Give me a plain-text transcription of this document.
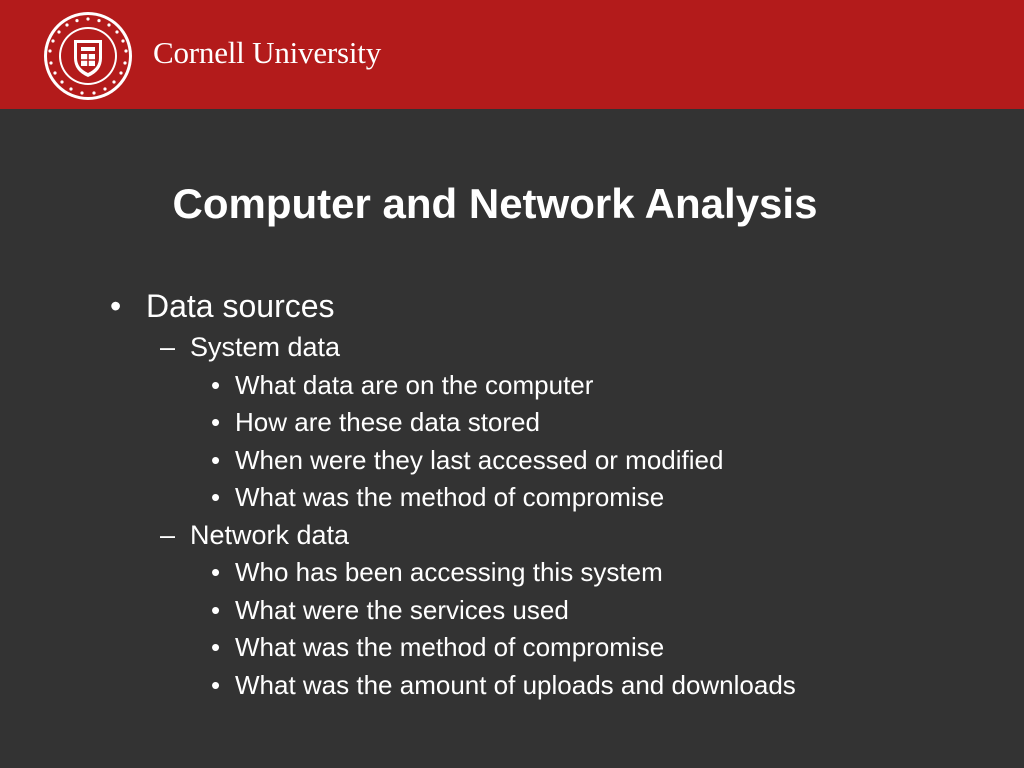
Cornell University
Computer and Network Analysis
• Data sources
– System data
• What data are on the computer
• How are these data stored
• When were they last accessed or modified
• What was the method of compromise
– Network data
• Who has been accessing this system
• What were the services used
• What was the method of compromise
• What was the amount of uploads and downloads
